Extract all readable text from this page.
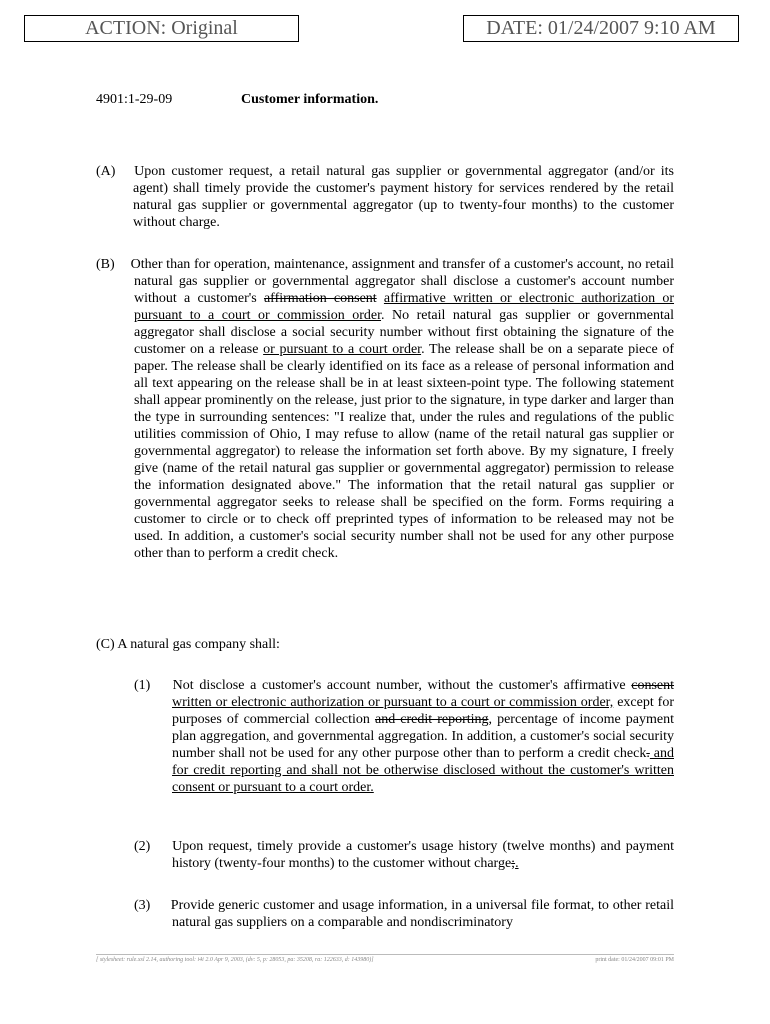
ACTION: Original	DATE: 01/24/2007 9:10 AM
4901:1-29-09	Customer information.
(A) Upon customer request, a retail natural gas supplier or governmental aggregator (and/or its agent) shall timely provide the customer's payment history for services rendered by the retail natural gas supplier or governmental aggregator (up to twenty-four months) to the customer without charge.
(B) Other than for operation, maintenance, assignment and transfer of a customer's account, no retail natural gas supplier or governmental aggregator shall disclose a customer's account number without a customer's affirmation consent affirmative written or electronic authorization or pursuant to a court or commission order. No retail natural gas supplier or governmental aggregator shall disclose a social security number without first obtaining the signature of the customer on a release or pursuant to a court order. The release shall be on a separate piece of paper. The release shall be clearly identified on its face as a release of personal information and all text appearing on the release shall be in at least sixteen-point type. The following statement shall appear prominently on the release, just prior to the signature, in type darker and larger than the type in surrounding sentences: "I realize that, under the rules and regulations of the public utilities commission of Ohio, I may refuse to allow (name of the retail natural gas supplier or governmental aggregator) to release the information set forth above. By my signature, I freely give (name of the retail natural gas supplier or governmental aggregator) permission to release the information designated above." The information that the retail natural gas supplier or governmental aggregator seeks to release shall be specified on the form. Forms requiring a customer to circle or to check off preprinted types of information to be released may not be used. In addition, a customer's social security number shall not be used for any other purpose other than to perform a credit check.
(C) A natural gas company shall:
(1) Not disclose a customer's account number, without the customer's affirmative consent written or electronic authorization or pursuant to a court or commission order, except for purposes of commercial collection and credit reporting, percentage of income payment plan aggregation, and governmental aggregation. In addition, a customer's social security number shall not be used for any other purpose other than to perform a credit check. and for credit reporting and shall not be otherwise disclosed without the customer's written consent or pursuant to a court order.
(2) Upon request, timely provide a customer's usage history (twelve months) and payment history (twenty-four months) to the customer without charge;.
(3) Provide generic customer and usage information, in a universal file format, to other retail natural gas suppliers on a comparable and nondiscriminatory
[ stylesheet: rule.xsl 2.14, authoring tool: i4i 2.0 Apr 9, 2003, (dv: 5, p: 28053, pa: 35208, ra: 122633, d: 143980)]	print date: 01/24/2007 09:01 PM
